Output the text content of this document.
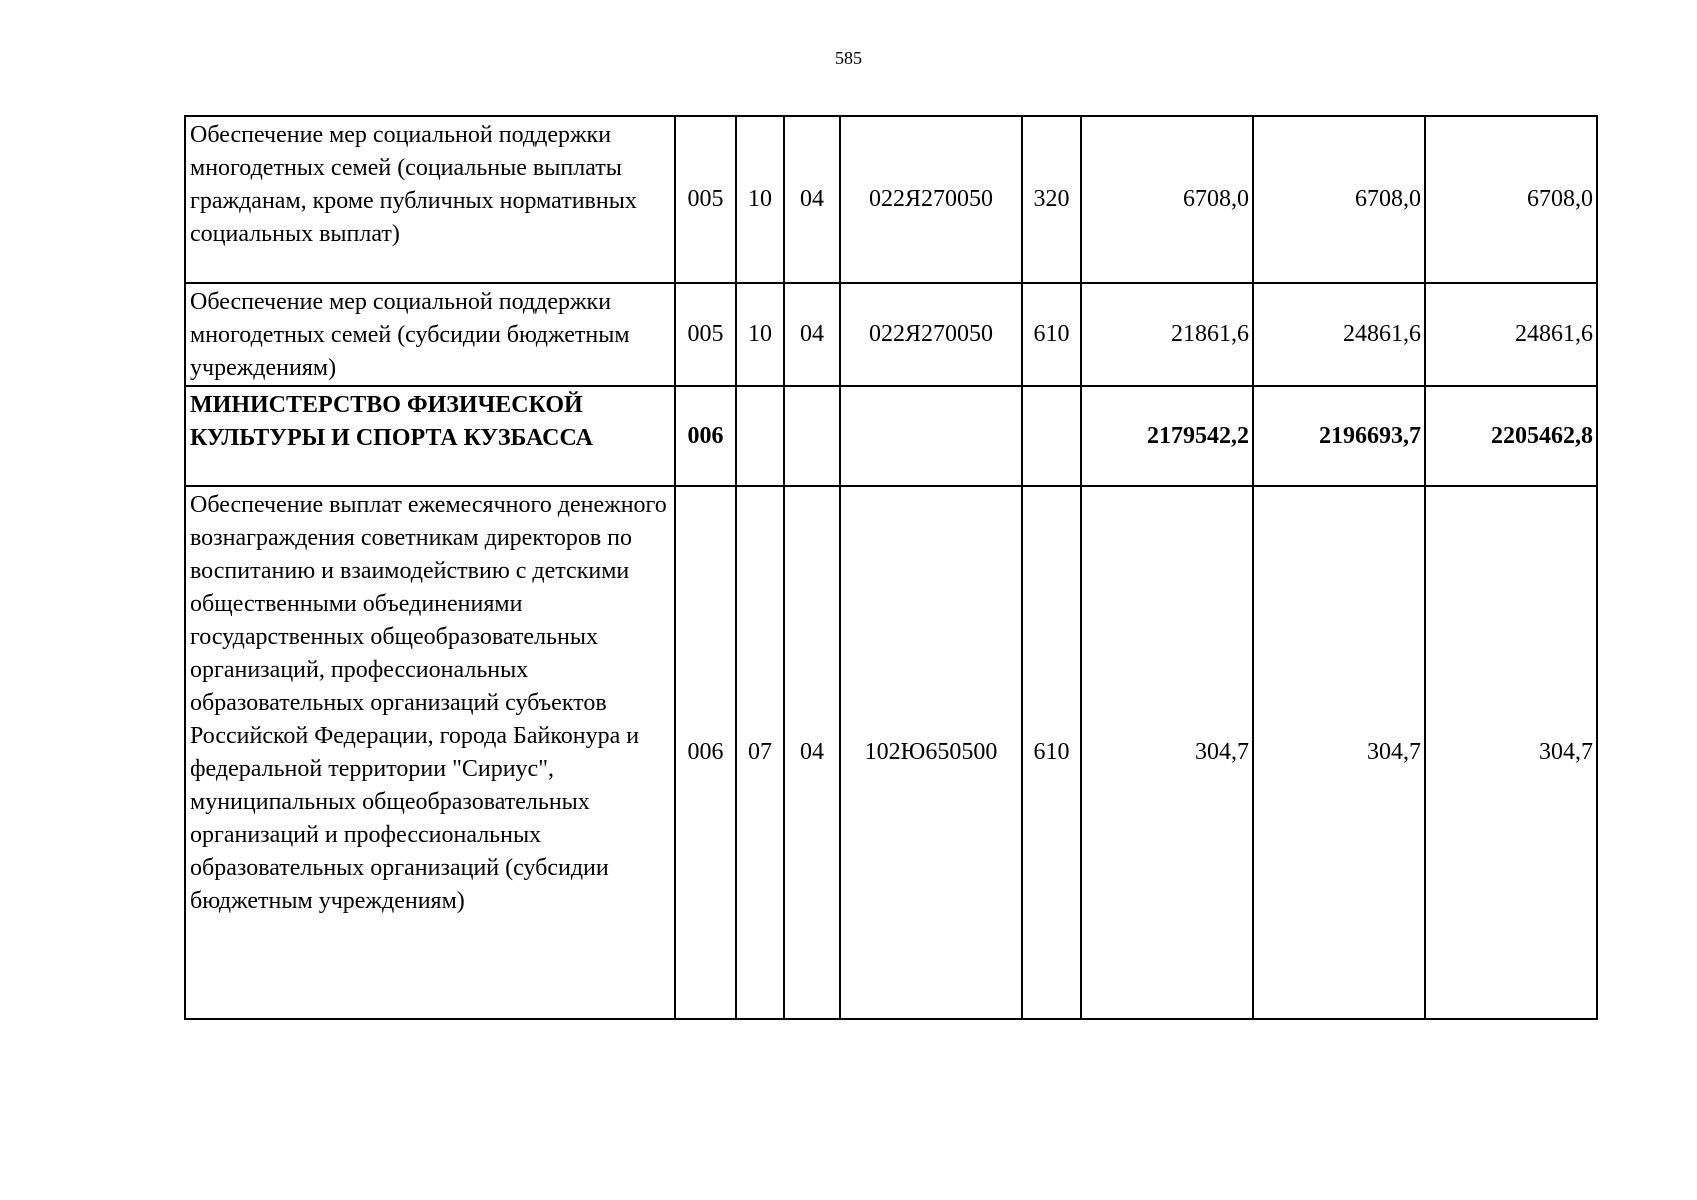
585
Обеспечение мер социальной поддержки многодетных семей (социальные выплаты гражданам, кроме публичных нормативных социальных выплат)	005	10	04	022Я270050	320	6708,0	6708,0	6708,0
Обеспечение мер социальной поддержки многодетных семей (субсидии бюджетным учреждениям)	005	10	04	022Я270050	610	21861,6	24861,6	24861,6
МИНИСТЕРСТВО ФИЗИЧЕСКОЙ КУЛЬТУРЫ И СПОРТА КУЗБАССА	006					2179542,2	2196693,7	2205462,8
Обеспечение выплат ежемесячного денежного вознаграждения советникам директоров по воспитанию и взаимодействию с детскими общественными объединениями государственных общеобразовательных организаций, профессиональных образовательных организаций субъектов Российской Федерации, города Байконура и федеральной территории "Сириус", муниципальных общеобразовательных организаций и профессиональных образовательных организаций (субсидии бюджетным учреждениям)	006	07	04	102Ю650500	610	304,7	304,7	304,7
